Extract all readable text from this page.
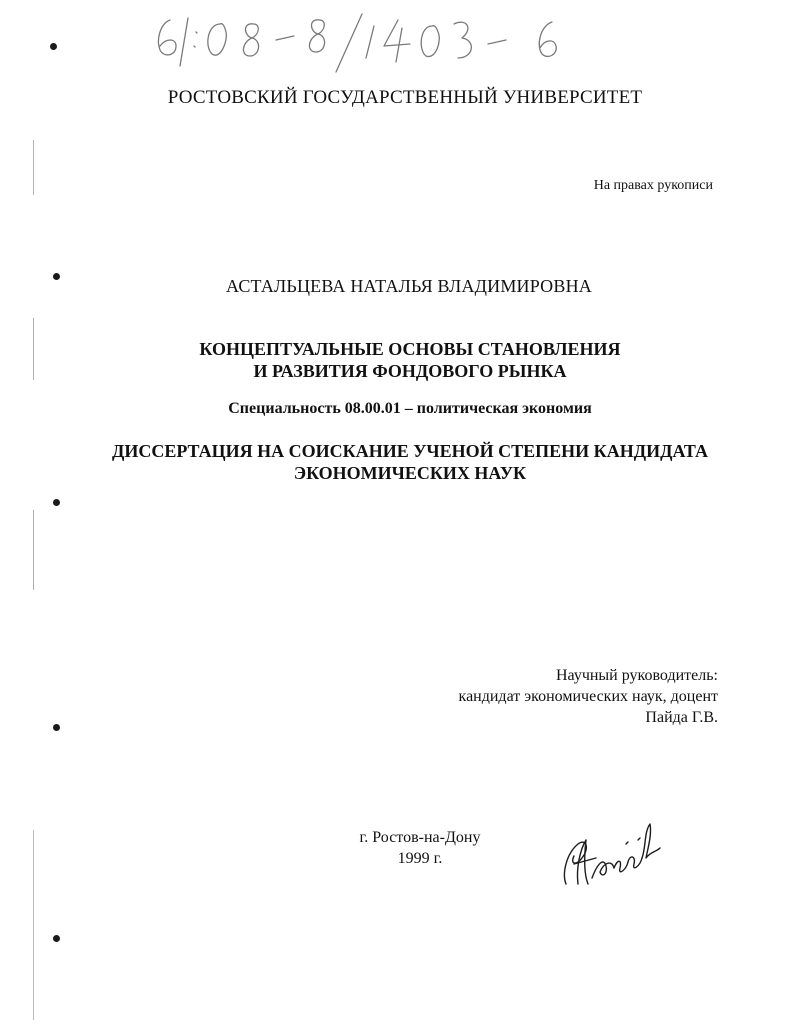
РОСТОВСКИЙ ГОСУДАРСТВЕННЫЙ УНИВЕРСИТЕТ

На правах рукописи

АСТАЛЬЦЕВА НАТАЛЬЯ ВЛАДИМИРОВНА

КОНЦЕПТУАЛЬНЫЕ ОСНОВЫ СТАНОВЛЕНИЯ
И РАЗВИТИЯ ФОНДОВОГО РЫНКА

Специальность 08.00.01 – политическая экономия

ДИССЕРТАЦИЯ НА СОИСКАНИЕ УЧЕНОЙ СТЕПЕНИ КАНДИДАТА
ЭКОНОМИЧЕСКИХ НАУК
Научный руководитель:
кандидат экономических наук, доцент
Пайда Г.В.
г. Ростов-на-Дону
1999 г.
